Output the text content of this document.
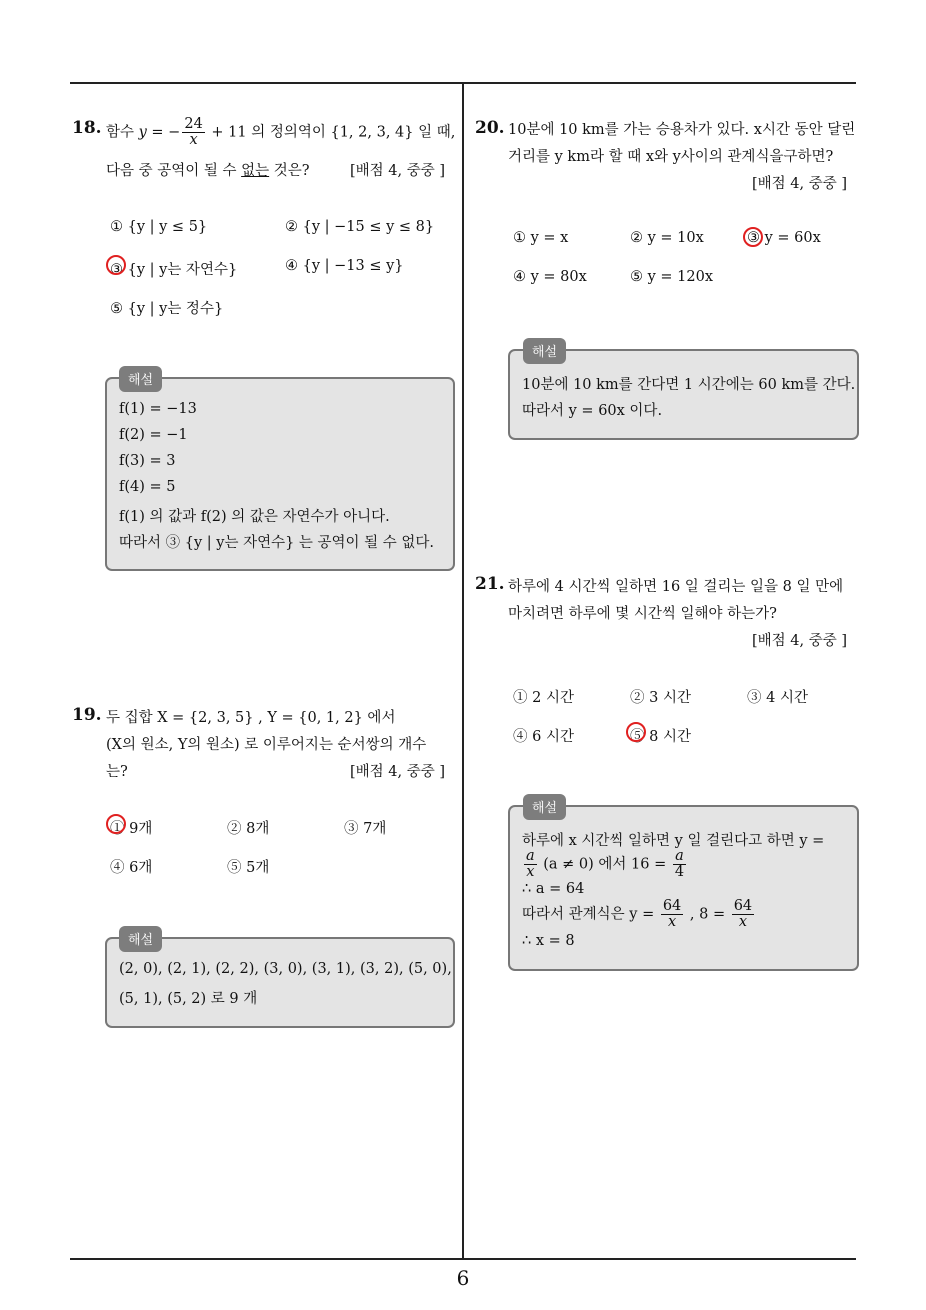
18. 함수 y = − $\frac{24}{x} + 11$ 의 정의역이 {1, 2, 3, 4} 일 때,
다음 중 공역이 될 수 없는 것은?	[배점 4, 중중 ]
① {y | y ≤ 5}	② {y | −15 ≤ y ≤ 8}
③ {y | y는 자연수}	④ {y | −13 ≤ y}
⑤ {y | y는 정수}
f(1) = −13
f(2) = −1
f(3) = 3
f(4) = 5
f(1) 의 값과 f(2) 의 값은 자연수가 아니다.
따라서 ③ {y | y는 자연수} 는 공역이 될 수 없다.
해설
19. 두 집합 X = {2, 3, 5} , Y = {0, 1, 2} 에서
(X의 원소, Y의 원소) 로 이루어지는 순서쌍의 개수
는?	[배점 4, 중중 ]
① 9개	② 8개	③ 7개
④ 6개	⑤ 5개
(2, 0), (2, 1), (2, 2), (3, 0), (3, 1), (3, 2), (5, 0),
(5, 1), (5, 2) 로 9 개
해설
20. 10분에 10 km를 가는 승용차가 있다. x시간 동안 달린
거리를 y km라 할 때 x와 y사이의 관계식을구하면?
[배점 4, 중중 ]
① y = x	② y = 10x	③ y = 60x
④ y = 80x	⑤ y = 120x
10분에 10 km를 간다면 1 시간에는 60 km를 간다.
따라서 y = 60x 이다.
해설
21. 하루에 4 시간씩 일하면 16 일 걸리는 일을 8 일 만에
마치려면 하루에 몇 시간씩 일해야 하는가?
[배점 4, 중중 ]
① 2 시간	② 3 시간	③ 4 시간
④ 6 시간	⑤ 8 시간
하루에 x 시간씩 일하면 y 일 걸린다고 하면 y =
$\frac{a}{x} (a \ne 0)$ 에서 $16 = \frac{a}{4}$
∴ a = 64
따라서 관계식은 $y = \frac{64}{x}$ , $8 = \frac{64}{x}$
∴ x = 8
해설
6
